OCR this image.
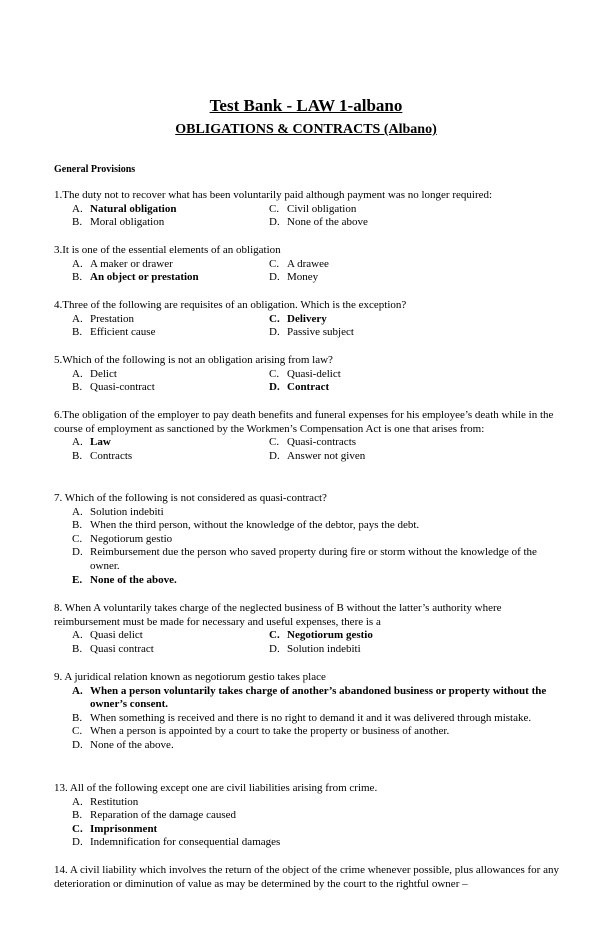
Test Bank - LAW 1-albano
OBLIGATIONS & CONTRACTS (Albano)
General Provisions

1.The duty not to recover what has been voluntarily paid although payment was no longer required:

A. Natural obligation	C. Civil obligation
B. Moral obligation	D. None of the above

3.It is one of the essential elements of an obligation

A. A maker or drawer	C. A drawee
B. An object or prestation	D. Money

4.Three of the following are requisites of an obligation. Which is the exception?

A. Prestation	C. Delivery
B. Efficient cause	D. Passive subject

5.Which of the following is not an obligation arising from law?

A. Delict	C. Quasi-delict
B. Quasi-contract	D. Contract

6.The obligation of the employer to pay death benefits and funeral expenses for his employee’s death while in the course of employment as sanctioned by the Workmen’s Compensation Act is one that arises from:

A. Law	C. Quasi-contracts
B. Contracts	D. Answer not given

7. Which of the following is not considered as quasi-contract?

A. Solution indebiti
B. When the third person, without the knowledge of the debtor, pays the debt.
C. Negotiorum gestio
D. Reimbursement due the person who saved property during fire or storm without the knowledge of the owner.
E. None of the above.

8. When A voluntarily takes charge of the neglected business of B without the latter’s authority where reimbursement must be made for necessary and useful expenses, there is a

A. Quasi delict	C. Negotiorum gestio
B. Quasi contract	D. Solution indebiti

9. A juridical relation known as negotiorum gestio takes place

A. When a person voluntarily takes charge of another’s abandoned business or property without the owner’s consent.
B. When something is received and there is no right to demand it and it was delivered through mistake.
C. When a person is appointed by a court to take the property or business of another.
D. None of the above.

13. All of the following except one are civil liabilities arising from crime.

A. Restitution
B. Reparation of the damage caused
C. Imprisonment
D. Indemnification for consequential damages

14. A civil liability which involves the return of the object of the crime whenever possible, plus allowances for any deterioration or diminution of value as may be determined by the court to the rightful owner –
